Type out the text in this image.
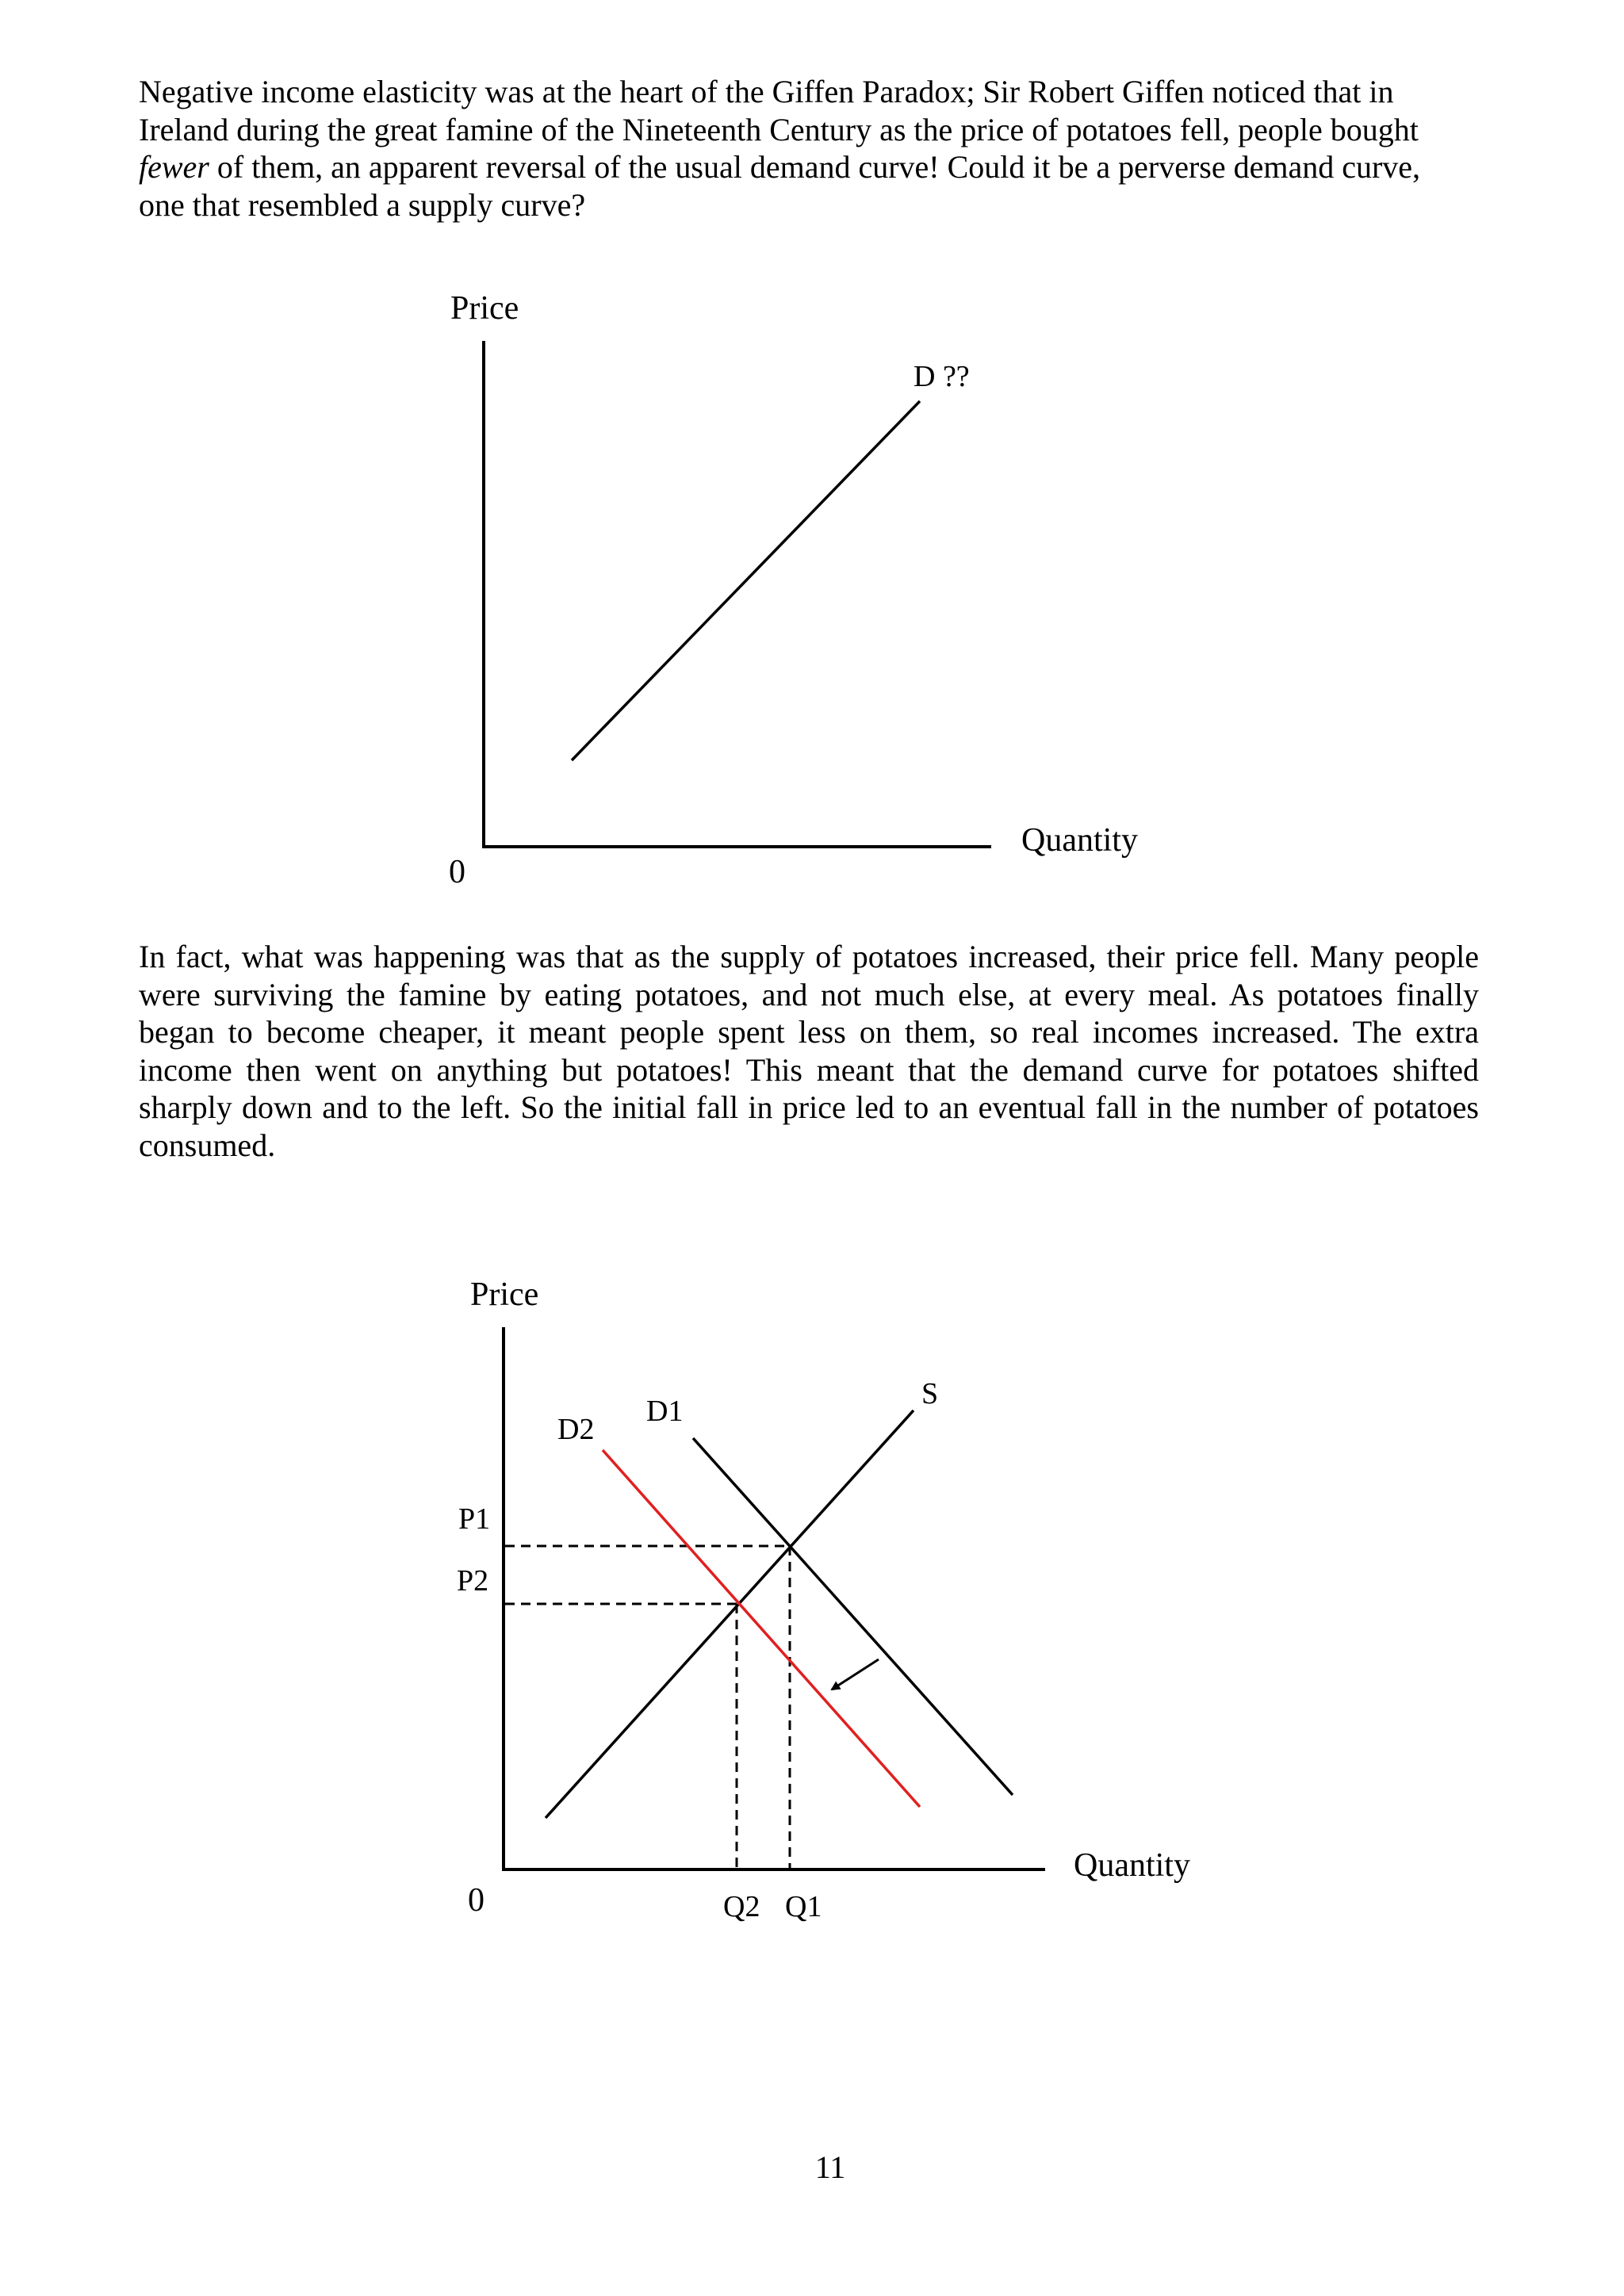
Negative income elasticity was at the heart of the Giffen Paradox; Sir Robert Giffen noticed that in
Ireland during the great famine of the Nineteenth Century as the price of potatoes fell, people bought
fewer of them, an apparent reversal of the usual demand curve! Could it be a perverse demand curve,
one that resembled a supply curve?

Price
Quantity
0
D ??

In fact, what was happening was that as the supply of potatoes increased, their price fell. Many people were surviving the famine by eating potatoes, and not much else, at every meal. As potatoes finally began to become cheaper, it meant people spent less on them, so real incomes increased. The extra income then went on anything but potatoes! This meant that the demand curve for potatoes shifted sharply down and to the left. So the initial fall in price led to an eventual fall in the number of potatoes consumed.

Price
Quantity
0
S
D1
D2
P1
P2
Q2 Q1
11
